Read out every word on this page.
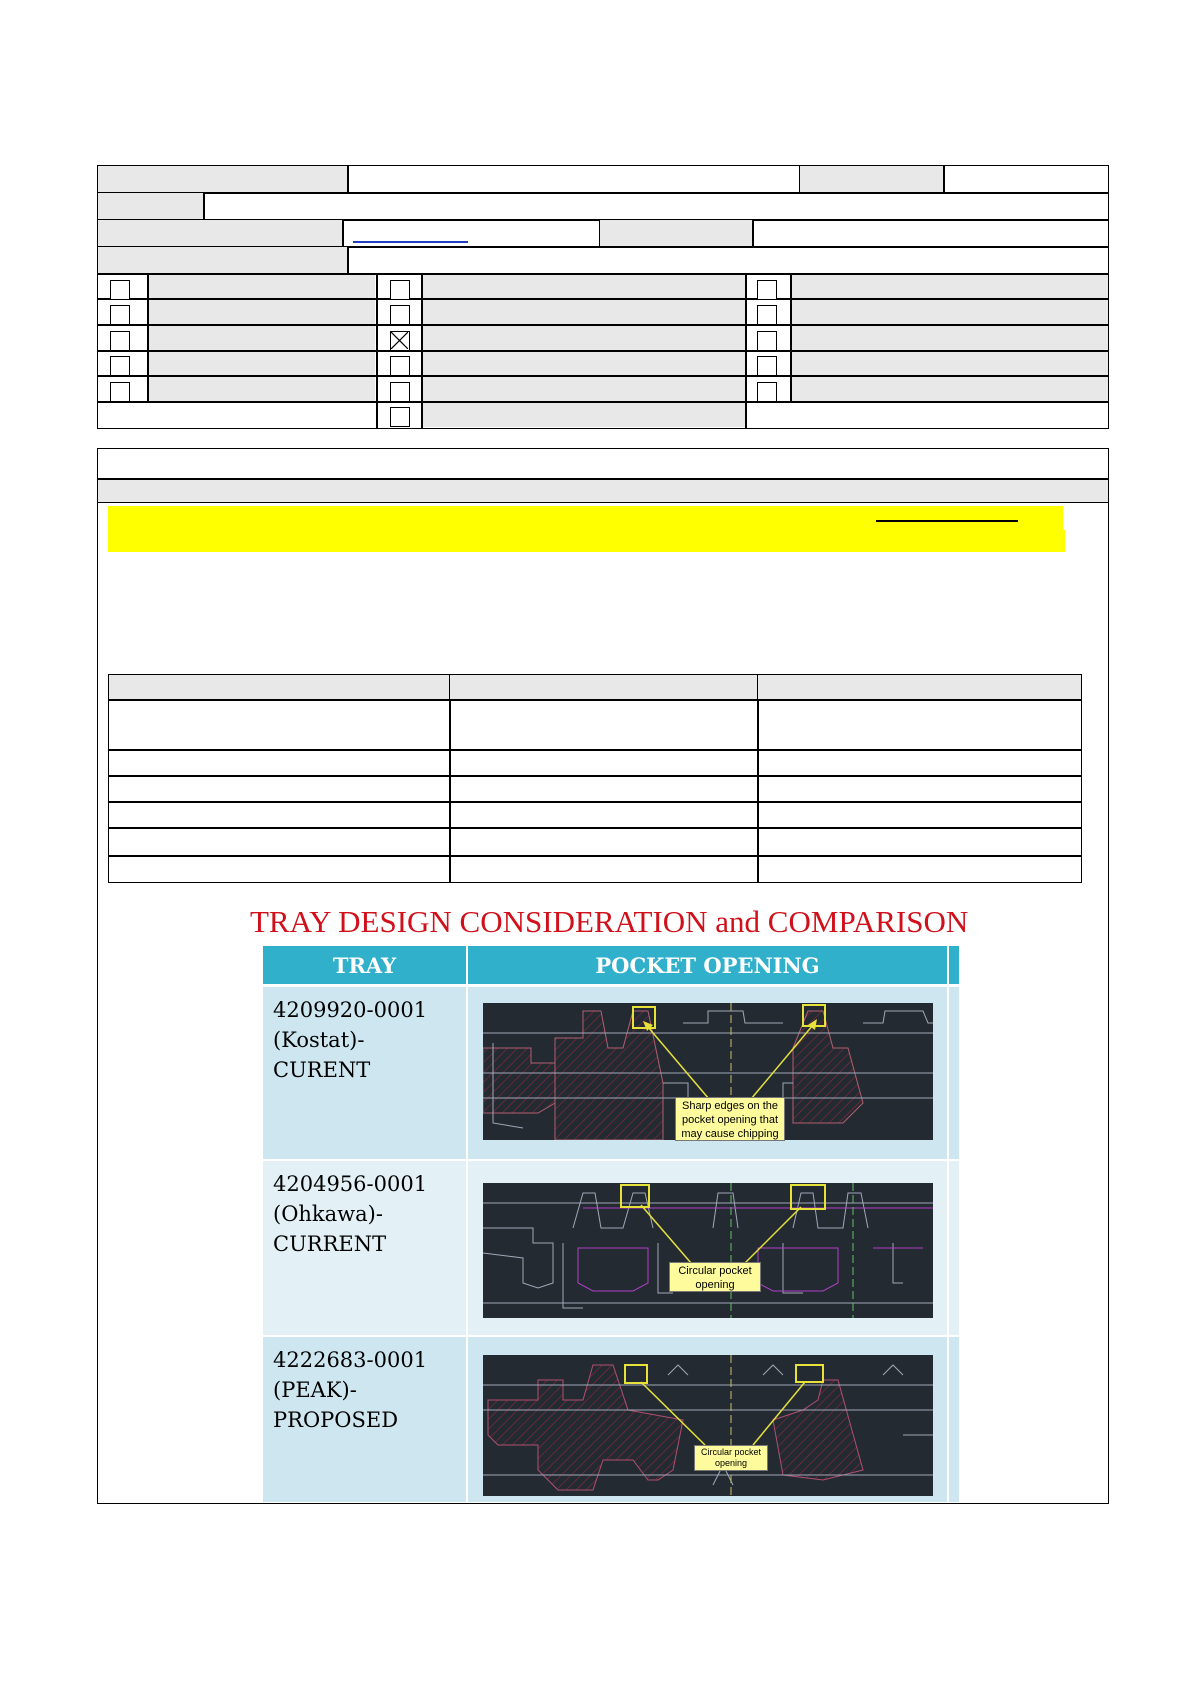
TRAY DESIGN CONSIDERATION and COMPARISON
TRAY	POCKET OPENING
4209920-0001
(Kostat)-
CURENT
4204956-0001
(Ohkawa)-
CURRENT
4222683-0001
(PEAK)-
PROPOSED
Sharp edges on the pocket opening that may cause chipping
Circular pocket opening
Circular pocket opening
